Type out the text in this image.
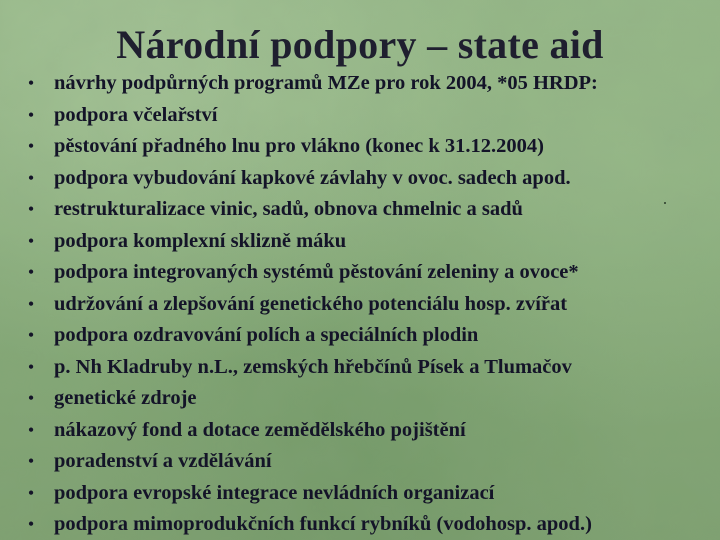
Národní podpory – state aid
• návrhy podpůrných programů MZe pro rok 2004, *05 HRDP:
• podpora včelařství
• pěstování přadného lnu pro vlákno (konec k 31.12.2004)
• podpora vybudování kapkové závlahy v ovoc. sadech apod.
• restrukturalizace vinic, sadů, obnova chmelnic a sadů
• podpora komplexní sklizně máku
• podpora integrovaných systémů pěstování zeleniny a ovoce*
• udržování a zlepšování genetického potenciálu hosp. zvířat
• podpora ozdravování polích a speciálních plodin
• p. Nh Kladruby n.L., zemských hřebčínů Písek a Tlumačov
• genetické zdroje
• nákazový fond a dotace zemědělského pojištění
• poradenství a vzdělávání
• podpora evropské integrace nevládních organizací
• podpora mimoprodukčních funkcí rybníků (vodohosp. apod.)
